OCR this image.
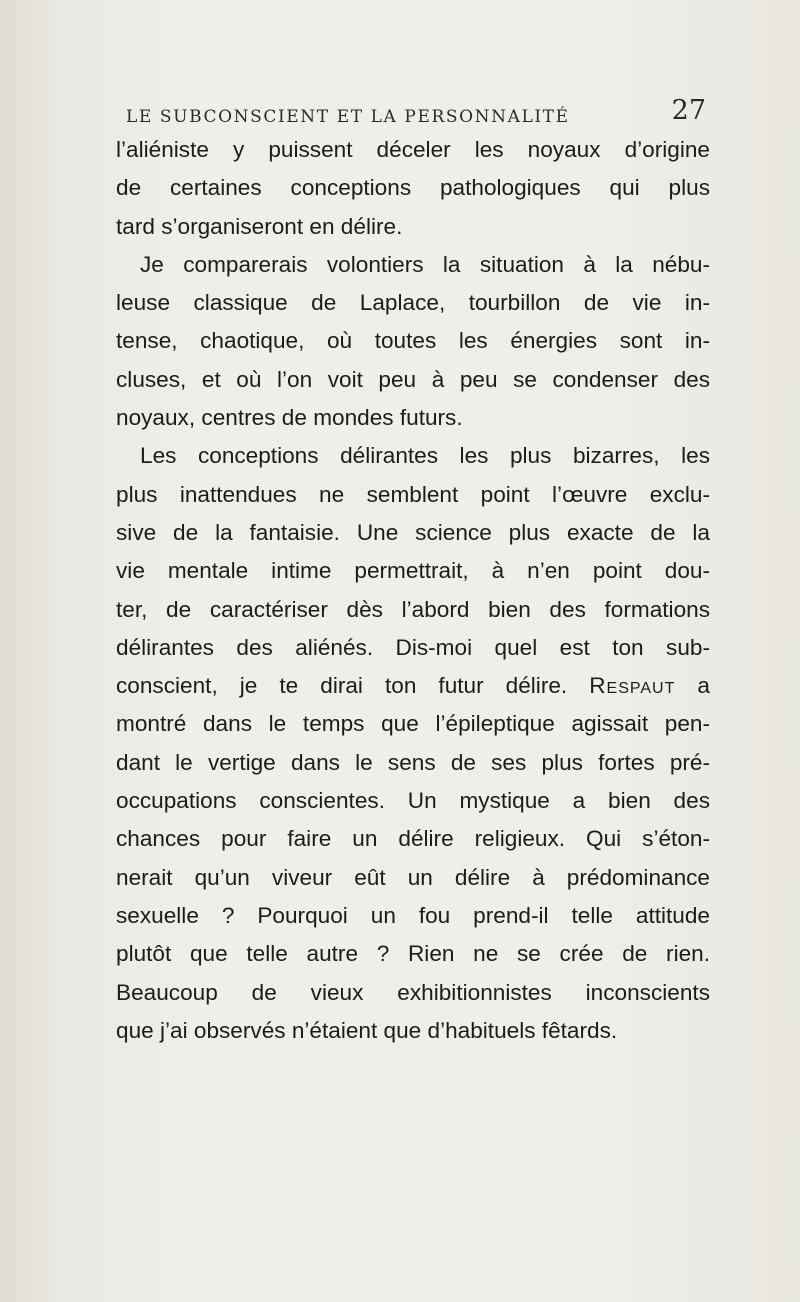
LE SUBCONSCIENT ET LA PERSONNALITÉ	27
l’aliéniste y puissent déceler les noyaux d’origine
de certaines conceptions pathologiques qui plus
tard s’organiseront en délire.
Je comparerais volontiers la situation à la nébu-
leuse classique de Laplace, tourbillon de vie in-
tense, chaotique, où toutes les énergies sont in-
cluses, et où l’on voit peu à peu se condenser des
noyaux, centres de mondes futurs.
Les conceptions délirantes les plus bizarres, les
plus inattendues ne semblent point l’œuvre exclu-
sive de la fantaisie. Une science plus exacte de la
vie mentale intime permettrait, à n’en point dou-
ter, de caractériser dès l’abord bien des formations
délirantes des aliénés. Dis-moi quel est ton sub-
conscient, je te dirai ton futur délire. Respaut a
montré dans le temps que l’épileptique agissait pen-
dant le vertige dans le sens de ses plus fortes pré-
occupations conscientes. Un mystique a bien des
chances pour faire un délire religieux. Qui s’éton-
nerait qu’un viveur eût un délire à prédominance
sexuelle ? Pourquoi un fou prend-il telle attitude
plutôt que telle autre ? Rien ne se crée de rien.
Beaucoup de vieux exhibitionnistes inconscients
que j’ai observés n’étaient que d’habituels fêtards.
